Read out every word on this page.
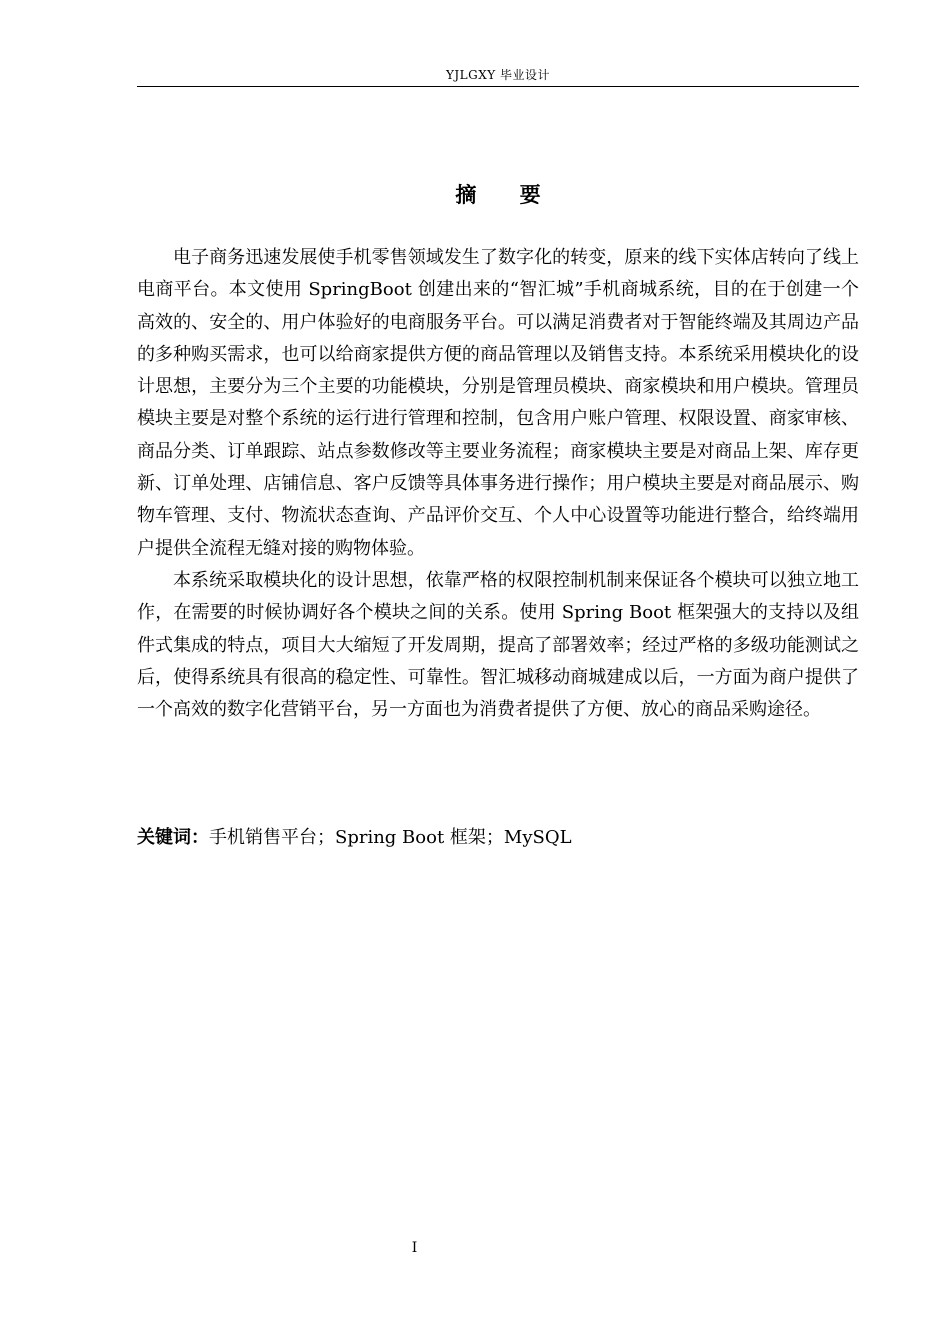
YJLGXY 毕业设计
摘 要

电子商务迅速发展使手机零售领域发生了数字化的转变，原来的线下实体店转向了线上电商平台。本文使用 SpringBoot 创建出来的“智汇城”手机商城系统，目的在于创建一个高效的、安全的、用户体验好的电商服务平台。可以满足消费者对于智能终端及其周边产品的多种购买需求，也可以给商家提供方便的商品管理以及销售支持。本系统采用模块化的设计思想，主要分为三个主要的功能模块，分别是管理员模块、商家模块和用户模块。管理员模块主要是对整个系统的运行进行管理和控制，包含用户账户管理、权限设置、商家审核、商品分类、订单跟踪、站点参数修改等主要业务流程；商家模块主要是对商品上架、库存更新、订单处理、店铺信息、客户反馈等具体事务进行操作；用户模块主要是对商品展示、购物车管理、支付、物流状态查询、产品评价交互、个人中心设置等功能进行整合，给终端用户提供全流程无缝对接的购物体验。

本系统采取模块化的设计思想，依靠严格的权限控制机制来保证各个模块可以独立地工作，在需要的时候协调好各个模块之间的关系。使用 Spring Boot 框架强大的支持以及组件式集成的特点，项目大大缩短了开发周期，提高了部署效率；经过严格的多级功能测试之后，使得系统具有很高的稳定性、可靠性。智汇城移动商城建成以后，一方面为商户提供了一个高效的数字化营销平台，另一方面也为消费者提供了方便、放心的商品采购途径。

关键词：手机销售平台；Spring Boot 框架；MySQL
I
